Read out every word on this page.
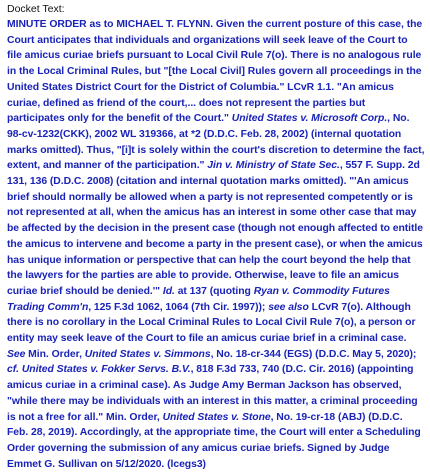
Docket Text:

MINUTE ORDER as to MICHAEL T. FLYNN. Given the current posture of this case, the Court anticipates that individuals and organizations will seek leave of the Court to file amicus curiae briefs pursuant to Local Civil Rule 7(o). There is no analogous rule in the Local Criminal Rules, but "[the Local Civil] Rules govern all proceedings in the United States District Court for the District of Columbia." LCvR 1.1. "An amicus curiae, defined as friend of the court,... does not represent the parties but participates only for the benefit of the Court." United States v. Microsoft Corp., No. 98-cv-1232(CKK), 2002 WL 319366, at *2 (D.D.C. Feb. 28, 2002) (internal quotation marks omitted). Thus, "[i]t is solely within the court's discretion to determine the fact, extent, and manner of the participation." Jin v. Ministry of State Sec., 557 F. Supp. 2d 131, 136 (D.D.C. 2008) (citation and internal quotation marks omitted). "'An amicus brief should normally be allowed when a party is not represented competently or is not represented at all, when the amicus has an interest in some other case that may be affected by the decision in the present case (though not enough affected to entitle the amicus to intervene and become a party in the present case), or when the amicus has unique information or perspective that can help the court beyond the help that the lawyers for the parties are able to provide. Otherwise, leave to file an amicus curiae brief should be denied.'" Id. at 137 (quoting Ryan v. Commodity Futures Trading Comm'n, 125 F.3d 1062, 1064 (7th Cir. 1997)); see also LCvR 7(o). Although there is no corollary in the Local Criminal Rules to Local Civil Rule 7(o), a person or entity may seek leave of the Court to file an amicus curiae brief in a criminal case. See Min. Order, United States v. Simmons, No. 18-cr-344 (EGS) (D.D.C. May 5, 2020); cf. United States v. Fokker Servs. B.V., 818 F.3d 733, 740 (D.C. Cir. 2016) (appointing amicus curiae in a criminal case). As Judge Amy Berman Jackson has observed, "while there may be individuals with an interest in this matter, a criminal proceeding is not a free for all." Min. Order, United States v. Stone, No. 19-cr-18 (ABJ) (D.D.C. Feb. 28, 2019). Accordingly, at the appropriate time, the Court will enter a Scheduling Order governing the submission of any amicus curiae briefs. Signed by Judge Emmet G. Sullivan on 5/12/2020. (lcegs3)
